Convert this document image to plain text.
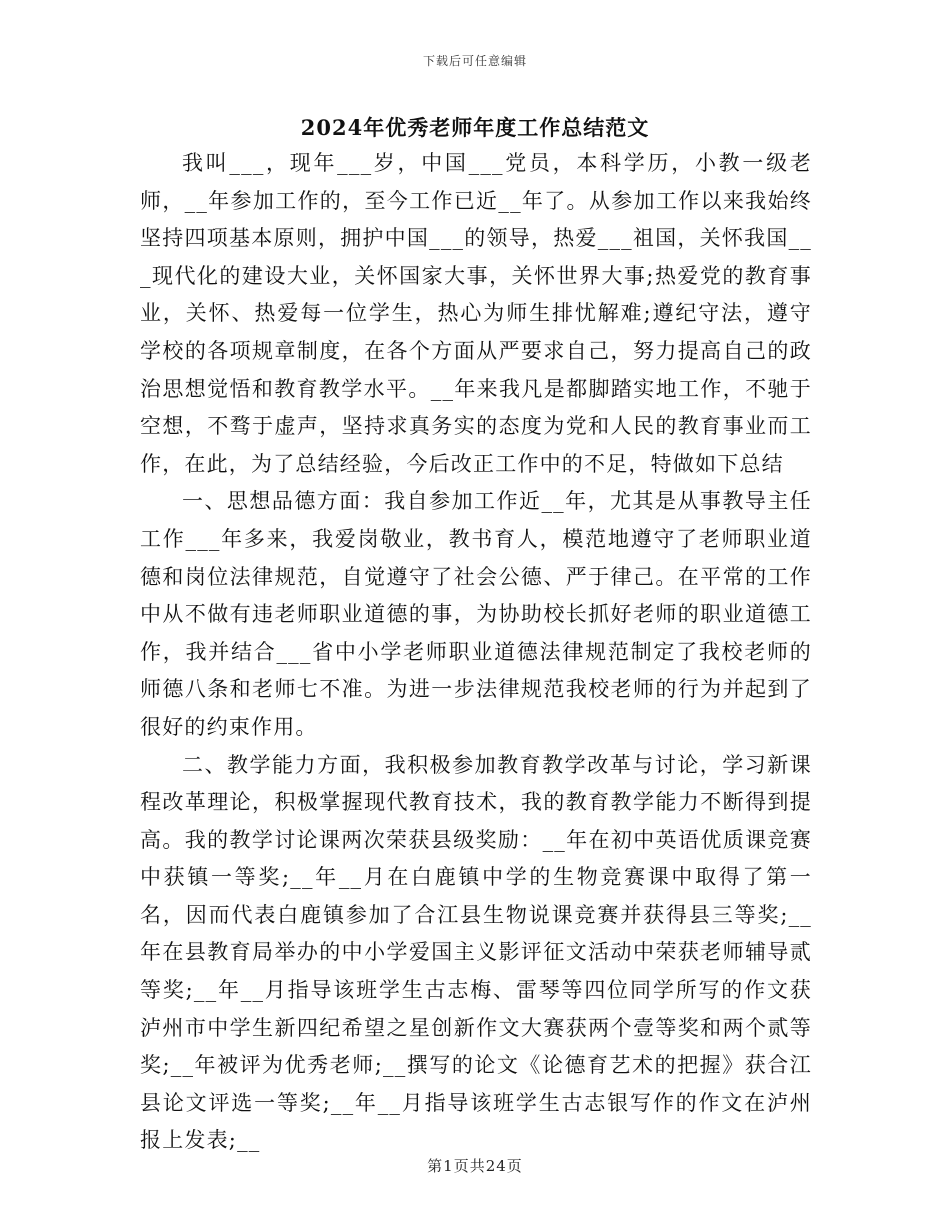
下载后可任意编辑
2024年优秀老师年度工作总结范文

我叫___，现年___岁，中国___党员，本科学历，小教一级老师，__年参加工作的，至今工作已近__年了。从参加工作以来我始终坚持四项基本原则，拥护中国___的领导，热爱___祖国，关怀我国___现代化的建设大业，关怀国家大事，关怀世界大事;热爱党的教育事业，关怀、热爱每一位学生，热心为师生排忧解难;遵纪守法，遵守学校的各项规章制度，在各个方面从严要求自己，努力提高自己的政治思想觉悟和教育教学水平。__年来我凡是都脚踏实地工作，不驰于空想，不骛于虚声，坚持求真务实的态度为党和人民的教育事业而工作，在此，为了总结经验，今后改正工作中的不足，特做如下总结

一、思想品德方面：我自参加工作近__年，尤其是从事教导主任工作___年多来，我爱岗敬业，教书育人，模范地遵守了老师职业道德和岗位法律规范，自觉遵守了社会公德、严于律己。在平常的工作中从不做有违老师职业道德的事，为协助校长抓好老师的职业道德工作，我并结合___省中小学老师职业道德法律规范制定了我校老师的师德八条和老师七不准。为进一步法律规范我校老师的行为并起到了很好的约束作用。

二、教学能力方面，我积极参加教育教学改革与讨论，学习新课程改革理论，积极掌握现代教育技术，我的教育教学能力不断得到提高。我的教学讨论课两次荣获县级奖励：__年在初中英语优质课竞赛中获镇一等奖;__年__月在白鹿镇中学的生物竞赛课中取得了第一名，因而代表白鹿镇参加了合江县生物说课竞赛并获得县三等奖;__年在县教育局举办的中小学爱国主义影评征文活动中荣获老师辅导贰等奖;__年__月指导该班学生古志梅、雷琴等四位同学所写的作文获泸州市中学生新四纪希望之星创新作文大赛获两个壹等奖和两个贰等奖;__年被评为优秀老师;__撰写的论文《论德育艺术的把握》获合江县论文评选一等奖;__年__月指导该班学生古志银写作的作文在泸州报上发表;__

第1页共24页
